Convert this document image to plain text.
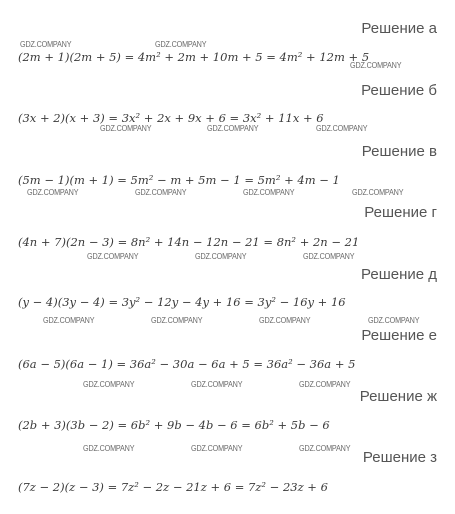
Решение а
GDZ.COMPANY	GDZ.COMPANY
(2m + 1)(2m + 5) = 4m² + 2m + 10m + 5 = 4m² + 12m + 5
GDZ.COMPANY
Решение б
(3x + 2)(x + 3) = 3x² + 2x + 9x + 6 = 3x² + 11x + 6
GDZ.COMPANY	GDZ.COMPANY	GDZ.COMPANY
Решение в
(5m − 1)(m + 1) = 5m² − m + 5m − 1 = 5m² + 4m − 1
GDZ.COMPANY	GDZ.COMPANY	GDZ.COMPANY	GDZ.COMPANY
Решение г
(4n + 7)(2n − 3) = 8n² + 14n − 12n − 21 = 8n² + 2n − 21
GDZ.COMPANY	GDZ.COMPANY	GDZ.COMPANY
Решение д
(y − 4)(3y − 4) = 3y² − 12y − 4y + 16 = 3y² − 16y + 16
GDZ.COMPANY	GDZ.COMPANY	GDZ.COMPANY	GDZ.COMPANY
Решение е
(6a − 5)(6a − 1) = 36a² − 30a − 6a + 5 = 36a² − 36a + 5
GDZ.COMPANY	GDZ.COMPANY	GDZ.COMPANY
Решение ж
(2b + 3)(3b − 2) = 6b² + 9b − 4b − 6 = 6b² + 5b − 6
GDZ.COMPANY	GDZ.COMPANY	GDZ.COMPANY
Решение з
(7z − 2)(z − 3) = 7z² − 2z − 21z + 6 = 7z² − 23z + 6
